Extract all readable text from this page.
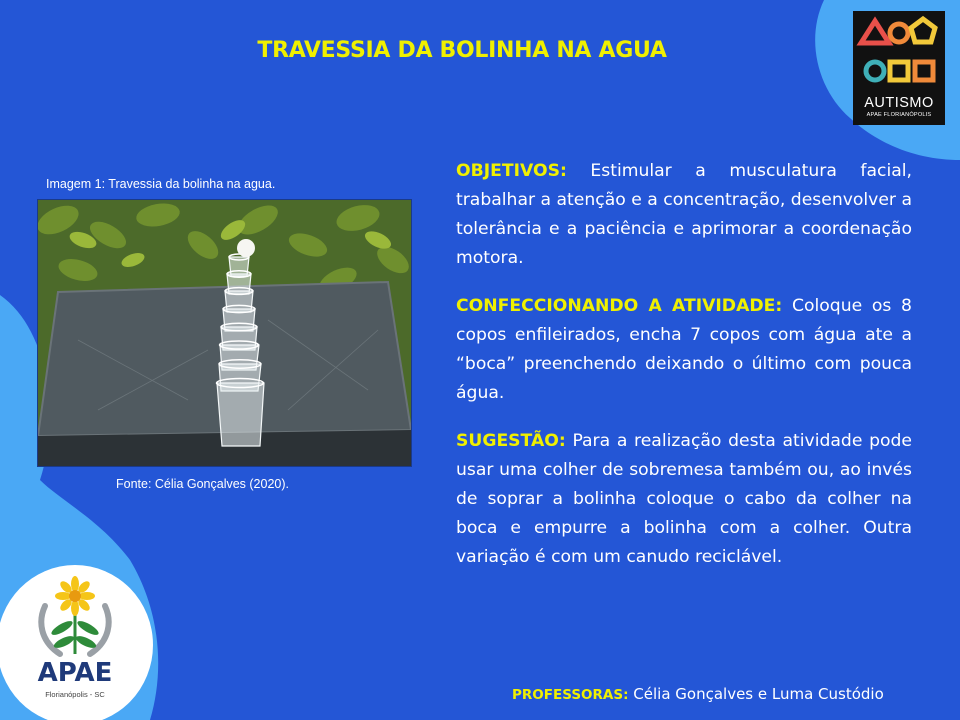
TRAVESSIA DA BOLINHA NA AGUA
Imagem 1: Travessia da bolinha na agua.
Fonte: Célia Gonçalves (2020).

OBJETIVOS: Estimular a musculatura facial, trabalhar a atenção e a concentração, desenvolver a tolerância e a paciência e aprimorar a coordenação motora.

CONFECCIONANDO A ATIVIDADE: Coloque os 8 copos enfileirados, encha 7 copos com água ate a “boca” preenchendo deixando o último com pouca água.

SUGESTÃO: Para a realização desta atividade pode usar uma colher de sobremesa também ou, ao invés de soprar a bolinha coloque o cabo da colher na boca e empurre a bolinha com a colher. Outra variação é com um canudo reciclável.

PROFESSORAS: Célia Gonçalves e Luma Custódio
AUTISMO
APAE FLORIANÓPOLIS
APAE
Florianópolis - SC
